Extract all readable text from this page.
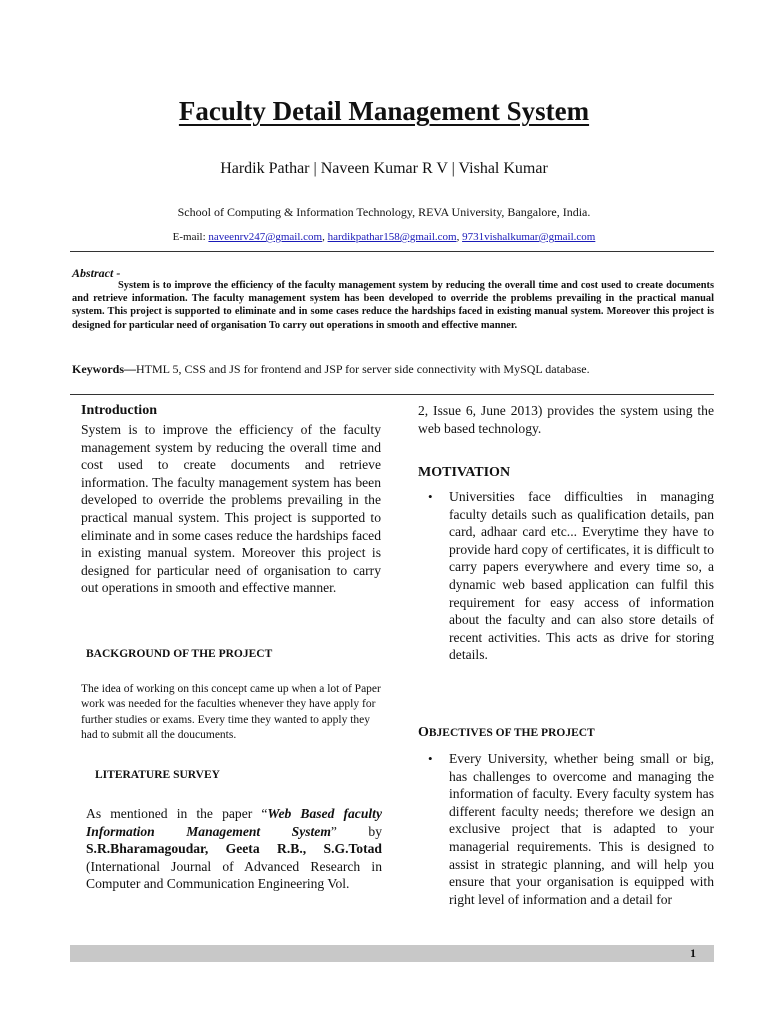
Faculty Detail Management System
Hardik Pathar | Naveen Kumar R V | Vishal Kumar
School of Computing & Information Technology, REVA University, Bangalore, India.
E-mail: naveenrv247@gmail.com, hardikpathar158@gmail.com, 9731vishalkumar@gmail.com
Abstract -
System is to improve the efficiency of the faculty management system by reducing the overall time and cost used to create documents and retrieve information. The faculty management system has been developed to override the problems prevailing in the practical manual system. This project is supported to eliminate and in some cases reduce the hardships faced in existing manual system. Moreover this project is designed for particular need of organisation To carry out operations in smooth and effective manner.
Keywords—HTML 5, CSS and JS for frontend and JSP for server side connectivity with MySQL database.
Introduction
System is to improve the efficiency of the faculty management system by reducing the overall time and cost used to create documents and retrieve information. The faculty management system has been developed to override the problems prevailing in the practical manual system. This project is supported to eliminate and in some cases reduce the hardships faced in existing manual system. Moreover this project is designed for particular need of organisation to carry out operations in smooth and effective manner.
BACKGROUND OF THE PROJECT
The idea of working on this concept came up when a lot of Paper work was needed for the faculties whenever they have apply for further studies or exams. Every time they wanted to apply they had to submit all the doucuments.
LITERATURE SURVEY
As mentioned in the paper “Web Based faculty Information Management System” by S.R.Bharamagoudar, Geeta R.B., S.G.Totad (International Journal of Advanced Research in Computer and Communication Engineering Vol.
2, Issue 6, June 2013) provides the system using the web based technology.
MOTIVATION
• Universities face difficulties in managing faculty details such as qualification details, pan card, adhaar card etc... Everytime they have to provide hard copy of certificates, it is difficult to carry papers everywhere and every time so, a dynamic web based application can fulfil this requirement for easy access of information about the faculty and can also store details of recent activities. This acts as drive for storing details.
OBJECTIVES OF THE PROJECT
• Every University, whether being small or big, has challenges to overcome and managing the information of faculty. Every faculty system has different faculty needs; therefore we design an exclusive project that is adapted to your managerial requirements. This is designed to assist in strategic planning, and will help you ensure that your organisation is equipped with right level of information and a detail for
1
